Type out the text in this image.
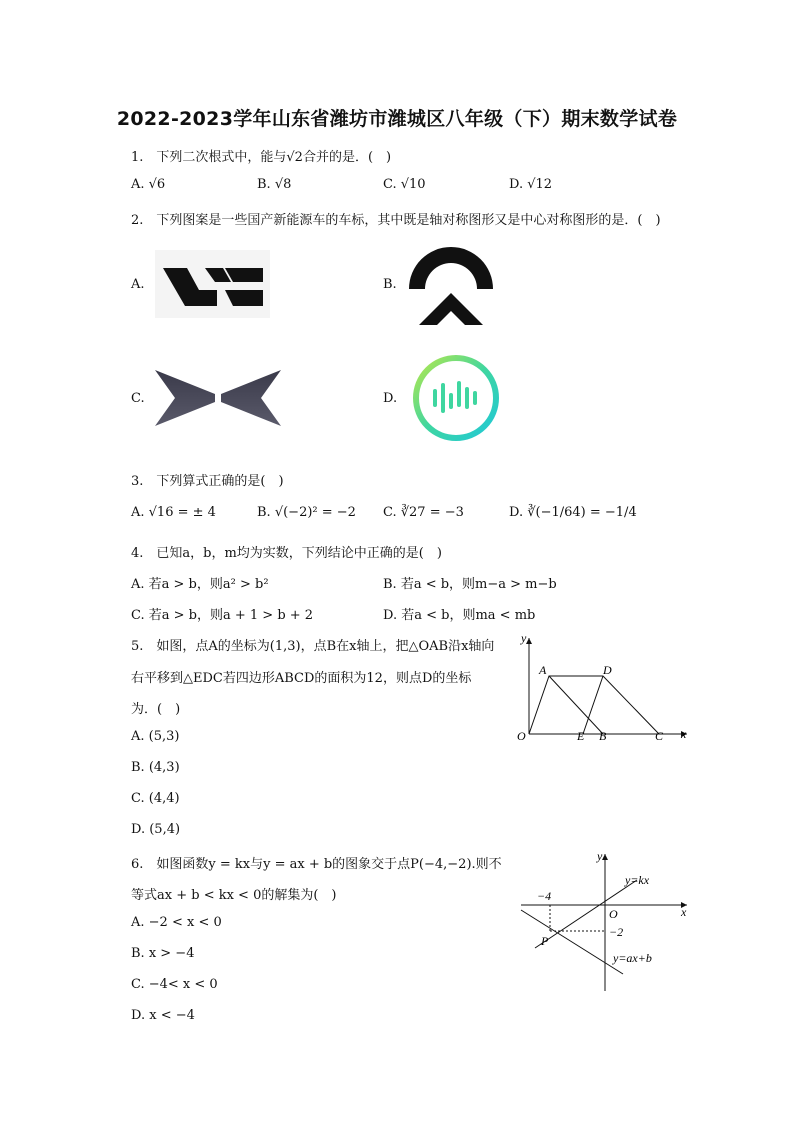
2022-2023学年山东省潍坊市潍城区八年级（下）期末数学试卷
1.　下列二次根式中，能与√2合并的是．(　)
A. √6	B. √8	C. √10	D. √12
2.　下列图案是一些国产新能源车的车标，其中既是轴对称图形又是中心对称图形的是．(　)
A.	B.
C.	D.
3.　下列算式正确的是(　)
A. √16 = ± 4	B. √(−2)² = −2 C. ∛27 = −3	D. ∛(−1/64) = −1/4
4.　已知a，b，m均为实数，下列结论中正确的是(　)
A. 若a > b，则a² > b²	B. 若a < b，则m−a > m−b
C. 若a > b，则a + 1 > b + 2	D. 若a < b，则ma < mb
5.　如图，点A的坐标为(1,3)，点B在x轴上，把△OAB沿x轴向
右平移到△EDC若四边形ABCD的面积为12，则点D的坐标
为．(　)
A. (5,3)
B. (4,3)
C. (4,4)
D. (5,4)
y
x
A	D
O	E B	C
6.　如图函数y = kx与y = ax + b的图象交于点P(−4,−2).则不
等式ax + b < kx < 0的解集为(　)
A. −2 < x < 0
B. x > −4
C. −4< x < 0
D. x < −4
y
x
O
P
−4
−2
y=kx
y=ax+b
